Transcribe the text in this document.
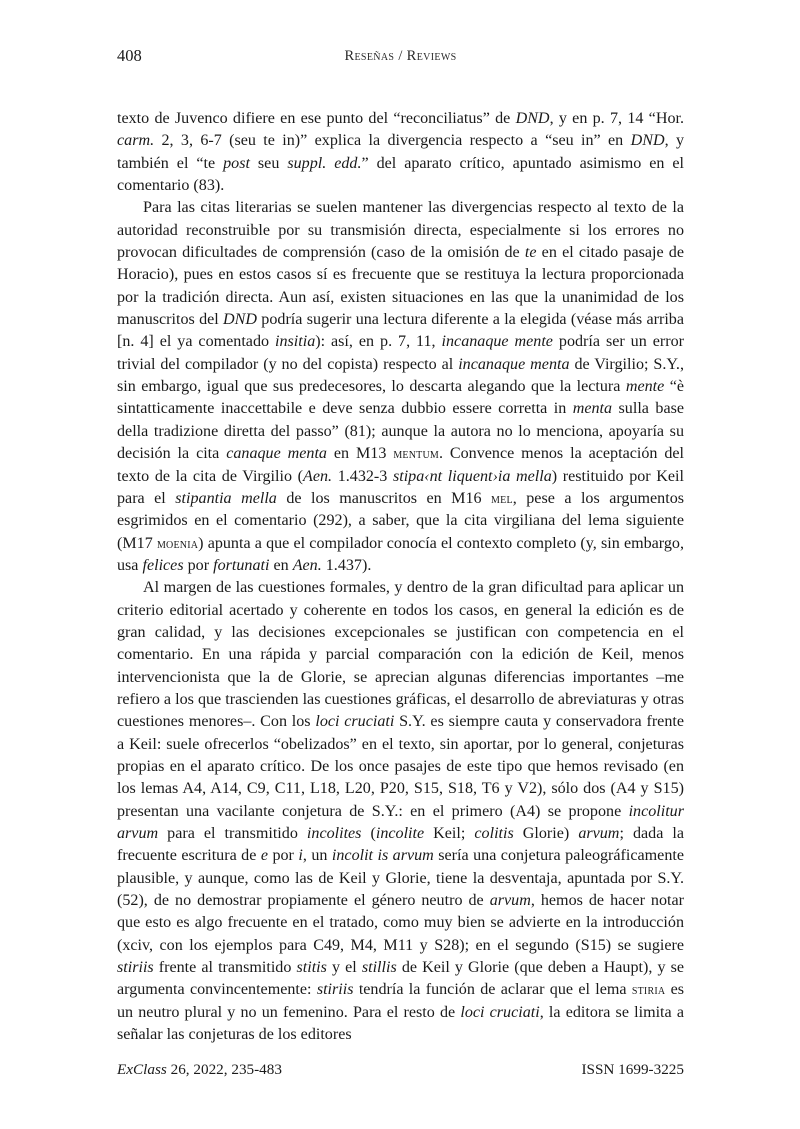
408	Reseñas / Reviews

texto de Juvenco difiere en ese punto del “reconciliatus” de DND, y en p. 7, 14 “Hor. carm. 2, 3, 6-7 (seu te in)” explica la divergencia respecto a “seu in” en DND, y también el “te post seu suppl. edd.” del aparato crítico, apuntado asimismo en el comentario (83).

Para las citas literarias se suelen mantener las divergencias respecto al texto de la autoridad reconstruible por su transmisión directa, especialmente si los errores no provocan dificultades de comprensión (caso de la omisión de te en el citado pasaje de Horacio), pues en estos casos sí es frecuente que se restituya la lectura proporcionada por la tradición directa. Aun así, existen situaciones en las que la unanimidad de los manuscritos del DND podría sugerir una lectura diferente a la elegida (véase más arriba [n. 4] el ya comentado insitia): así, en p. 7, 11, incanaque mente podría ser un error trivial del compilador (y no del copista) respecto al incanaque menta de Virgilio; S.Y., sin embargo, igual que sus predecesores, lo descarta alegando que la lectura mente “è sintatticamente inaccettabile e deve senza dubbio essere corretta in menta sulla base della tradizione diretta del passo” (81); aunque la autora no lo menciona, apoyaría su decisión la cita canaque menta en M13 mentum. Convence menos la aceptación del texto de la cita de Virgilio (Aen. 1.432-3 stipa‹nt liquent›ia mella) restituido por Keil para el stipantia mella de los manuscritos en M16 mel, pese a los argumentos esgrimidos en el comentario (292), a saber, que la cita virgiliana del lema siguiente (M17 moenia) apunta a que el compilador conocía el contexto completo (y, sin embargo, usa felices por fortunati en Aen. 1.437).

Al margen de las cuestiones formales, y dentro de la gran dificultad para aplicar un criterio editorial acertado y coherente en todos los casos, en general la edición es de gran calidad, y las decisiones excepcionales se justifican con competencia en el comentario. En una rápida y parcial comparación con la edición de Keil, menos intervencionista que la de Glorie, se aprecian algunas diferencias importantes –me refiero a los que trascienden las cuestiones gráficas, el desarrollo de abreviaturas y otras cuestiones menores–. Con los loci cruciati S.Y. es siempre cauta y conservadora frente a Keil: suele ofrecerlos “obelizados” en el texto, sin aportar, por lo general, conjeturas propias en el aparato crítico. De los once pasajes de este tipo que hemos revisado (en los lemas A4, A14, C9, C11, L18, L20, P20, S15, S18, T6 y V2), sólo dos (A4 y S15) presentan una vacilante conjetura de S.Y.: en el primero (A4) se propone incolitur arvum para el transmitido incolites (incolite Keil; colitis Glorie) arvum; dada la frecuente escritura de e por i, un incolit is arvum sería una conjetura paleográficamente plausible, y aunque, como las de Keil y Glorie, tiene la desventaja, apuntada por S.Y. (52), de no demostrar propiamente el género neutro de arvum, hemos de hacer notar que esto es algo frecuente en el tratado, como muy bien se advierte en la introducción (xciv, con los ejemplos para C49, M4, M11 y S28); en el segundo (S15) se sugiere stiriis frente al transmitido stitis y el stillis de Keil y Glorie (que deben a Haupt), y se argumenta convincentemente: stiriis tendría la función de aclarar que el lema stiria es un neutro plural y no un femenino. Para el resto de loci cruciati, la editora se limita a señalar las conjeturas de los editores

ExClass 26, 2022, 235-483	ISSN 1699-3225
